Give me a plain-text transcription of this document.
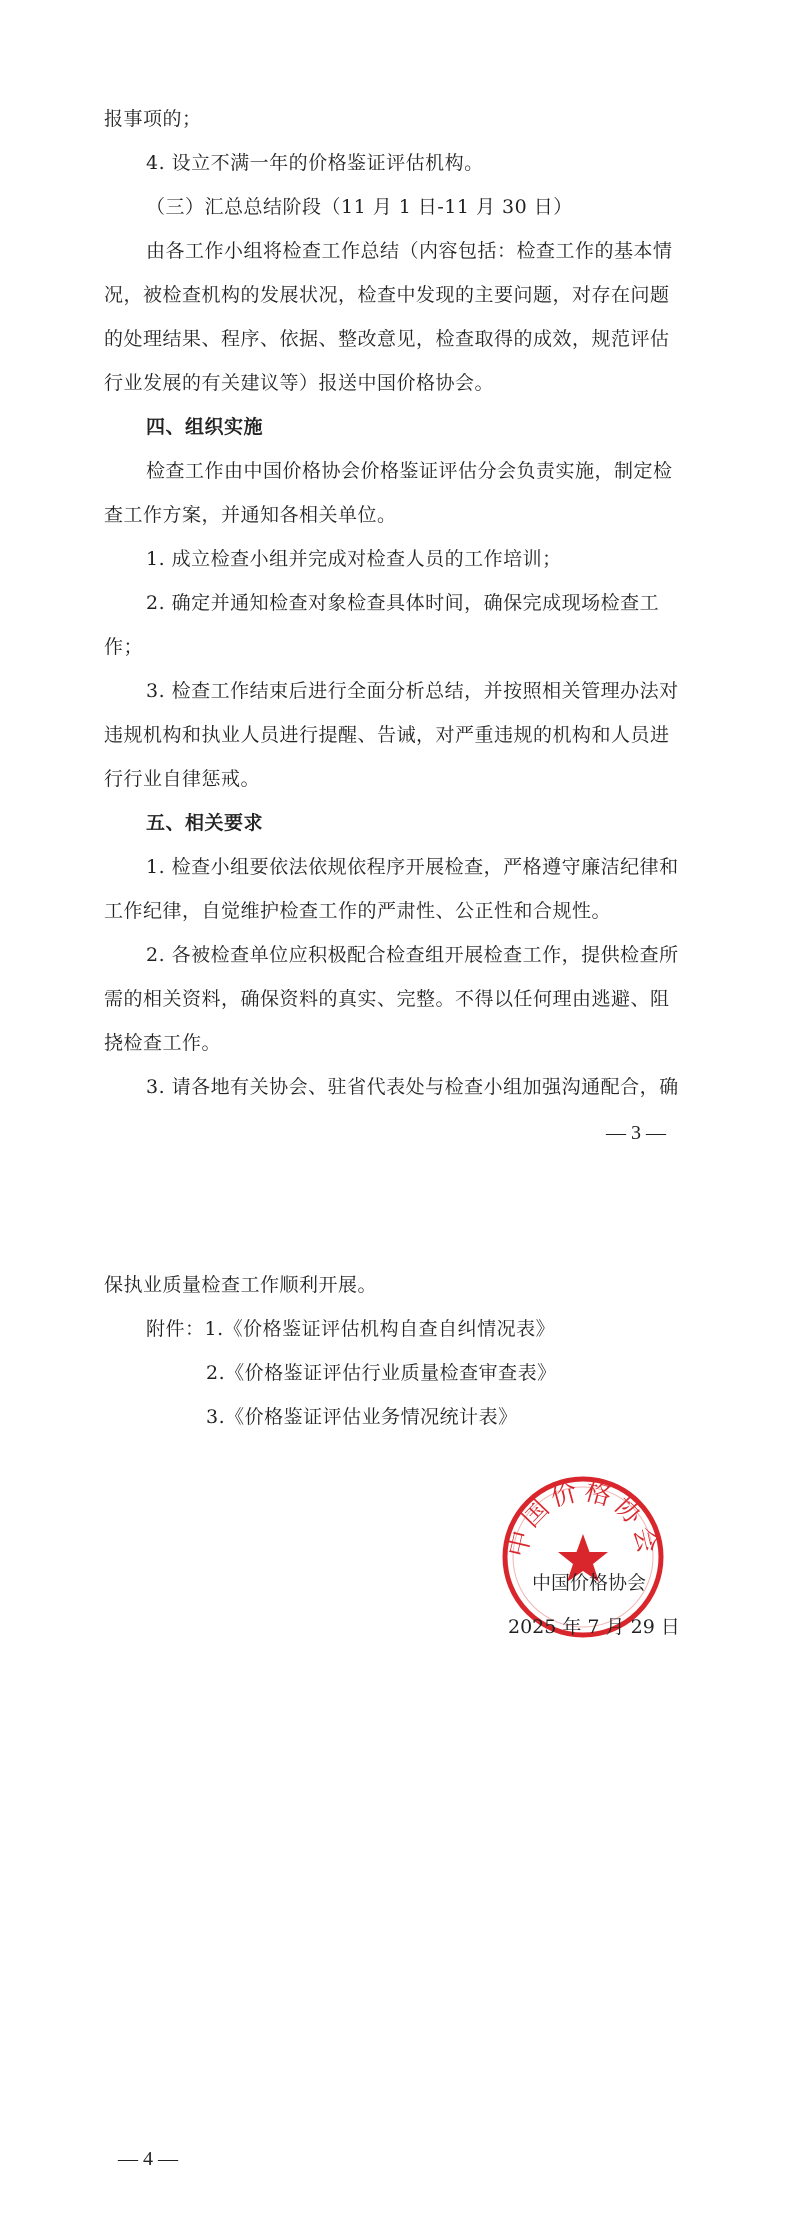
报事项的；
4. 设立不满一年的价格鉴证评估机构。
（三）汇总总结阶段（11 月 1 日-11 月 30 日）
由各工作小组将检查工作总结（内容包括：检查工作的基本情
况，被检查机构的发展状况，检查中发现的主要问题，对存在问题
的处理结果、程序、依据、整改意见，检查取得的成效，规范评估
行业发展的有关建议等）报送中国价格协会。
四、组织实施
检查工作由中国价格协会价格鉴证评估分会负责实施，制定检
查工作方案，并通知各相关单位。
1. 成立检查小组并完成对检查人员的工作培训；
2. 确定并通知检查对象检查具体时间，确保完成现场检查工
作；
3. 检查工作结束后进行全面分析总结，并按照相关管理办法对
违规机构和执业人员进行提醒、告诫，对严重违规的机构和人员进
行行业自律惩戒。
五、相关要求
1. 检查小组要依法依规依程序开展检查，严格遵守廉洁纪律和
工作纪律，自觉维护检查工作的严肃性、公正性和合规性。
2. 各被检查单位应积极配合检查组开展检查工作，提供检查所
需的相关资料，确保资料的真实、完整。不得以任何理由逃避、阻
挠检查工作。
3. 请各地有关协会、驻省代表处与检查小组加强沟通配合，确
— 3 —
保执业质量检查工作顺利开展。
附件：1.《价格鉴证评估机构自查自纠情况表》
2.《价格鉴证评估行业质量检查审查表》
3.《价格鉴证评估业务情况统计表》
中国价格协会
中国价格协会
2025 年 7 月 29 日
— 4 —
